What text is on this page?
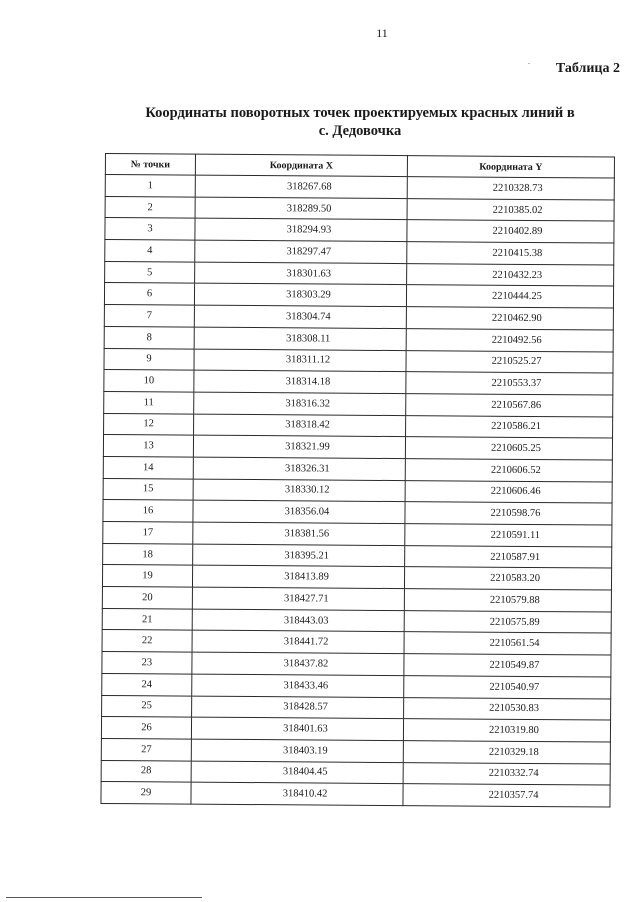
11
Таблица 2
Координаты поворотных точек проектируемых красных линий в
с. Дедовочка
№ точки	Координата X	Координата Y
1	318267.68	2210328.73
2	318289.50	2210385.02
3	318294.93	2210402.89
4	318297.47	2210415.38
5	318301.63	2210432.23
6	318303.29	2210444.25
7	318304.74	2210462.90
8	318308.11	2210492.56
9	318311.12	2210525.27
10	318314.18	2210553.37
11	318316.32	2210567.86
12	318318.42	2210586.21
13	318321.99	2210605.25
14	318326.31	2210606.52
15	318330.12	2210606.46
16	318356.04	2210598.76
17	318381.56	2210591.11
18	318395.21	2210587.91
19	318413.89	2210583.20
20	318427.71	2210579.88
21	318443.03	2210575.89
22	318441.72	2210561.54
23	318437.82	2210549.87
24	318433.46	2210540.97
25	318428.57	2210530.83
26	318401.63	2210319.80
27	318403.19	2210329.18
28	318404.45	2210332.74
29	318410.42	2210357.74
